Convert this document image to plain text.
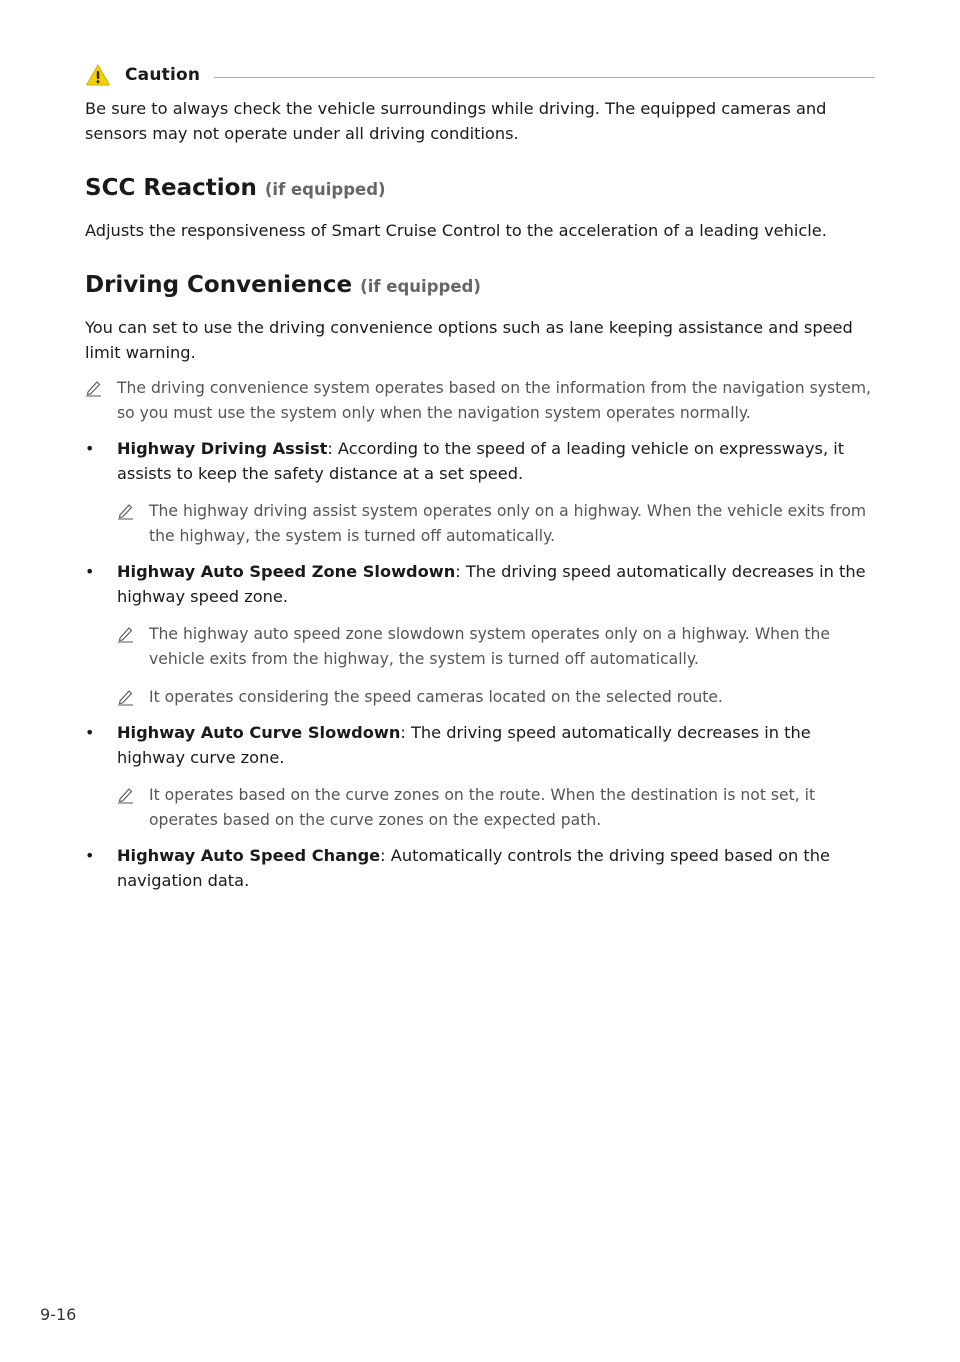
Caution

Be sure to always check the vehicle surroundings while driving. The equipped cameras and sensors may not operate under all driving conditions.

SCC Reaction (if equipped)

Adjusts the responsiveness of Smart Cruise Control to the acceleration of a leading vehicle.

Driving Convenience (if equipped)

You can set to use the driving convenience options such as lane keeping assistance and speed limit warning.

The driving convenience system operates based on the information from the navigation system, so you must use the system only when the navigation system operates normally.
•	Highway Driving Assist: According to the speed of a leading vehicle on expressways, it assists to keep the safety distance at a set speed.
The highway driving assist system operates only on a highway. When the vehicle exits from the highway, the system is turned off automatically.
•	Highway Auto Speed Zone Slowdown: The driving speed automatically decreases in the highway speed zone.
The highway auto speed zone slowdown system operates only on a highway. When the vehicle exits from the highway, the system is turned off automatically.
It operates considering the speed cameras located on the selected route.
•	Highway Auto Curve Slowdown: The driving speed automatically decreases in the highway curve zone.
It operates based on the curve zones on the route. When the destination is not set, it operates based on the curve zones on the expected path.
•	Highway Auto Speed Change: Automatically controls the driving speed based on the navigation data.
9-16
